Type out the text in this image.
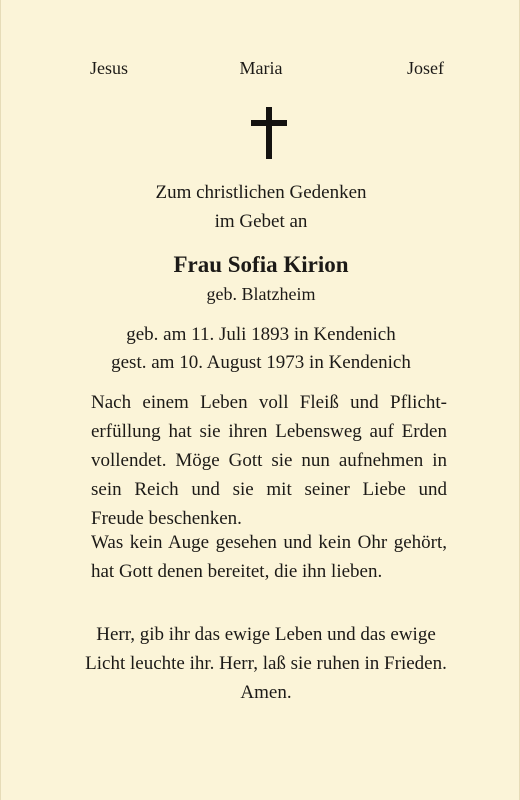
Jesus	Maria	Josef
Zum christlichen Gedenken
im Gebet an
Frau Sofia Kirion
geb. Blatzheim
geb. am 11. Juli 1893 in Kendenich
gest. am 10. August 1973 in Kendenich
Nach einem Leben voll Fleiß und Pflichterfüllung hat sie ihren Lebensweg auf Erden vollendet. Möge Gott sie nun aufnehmen in sein Reich und sie mit seiner Liebe und Freude beschenken.
Was kein Auge gesehen und kein Ohr gehört, hat Gott denen bereitet, die ihn lieben.
Herr, gib ihr das ewige Leben und das ewige Licht leuchte ihr. Herr, laß sie ruhen in Frieden. Amen.
